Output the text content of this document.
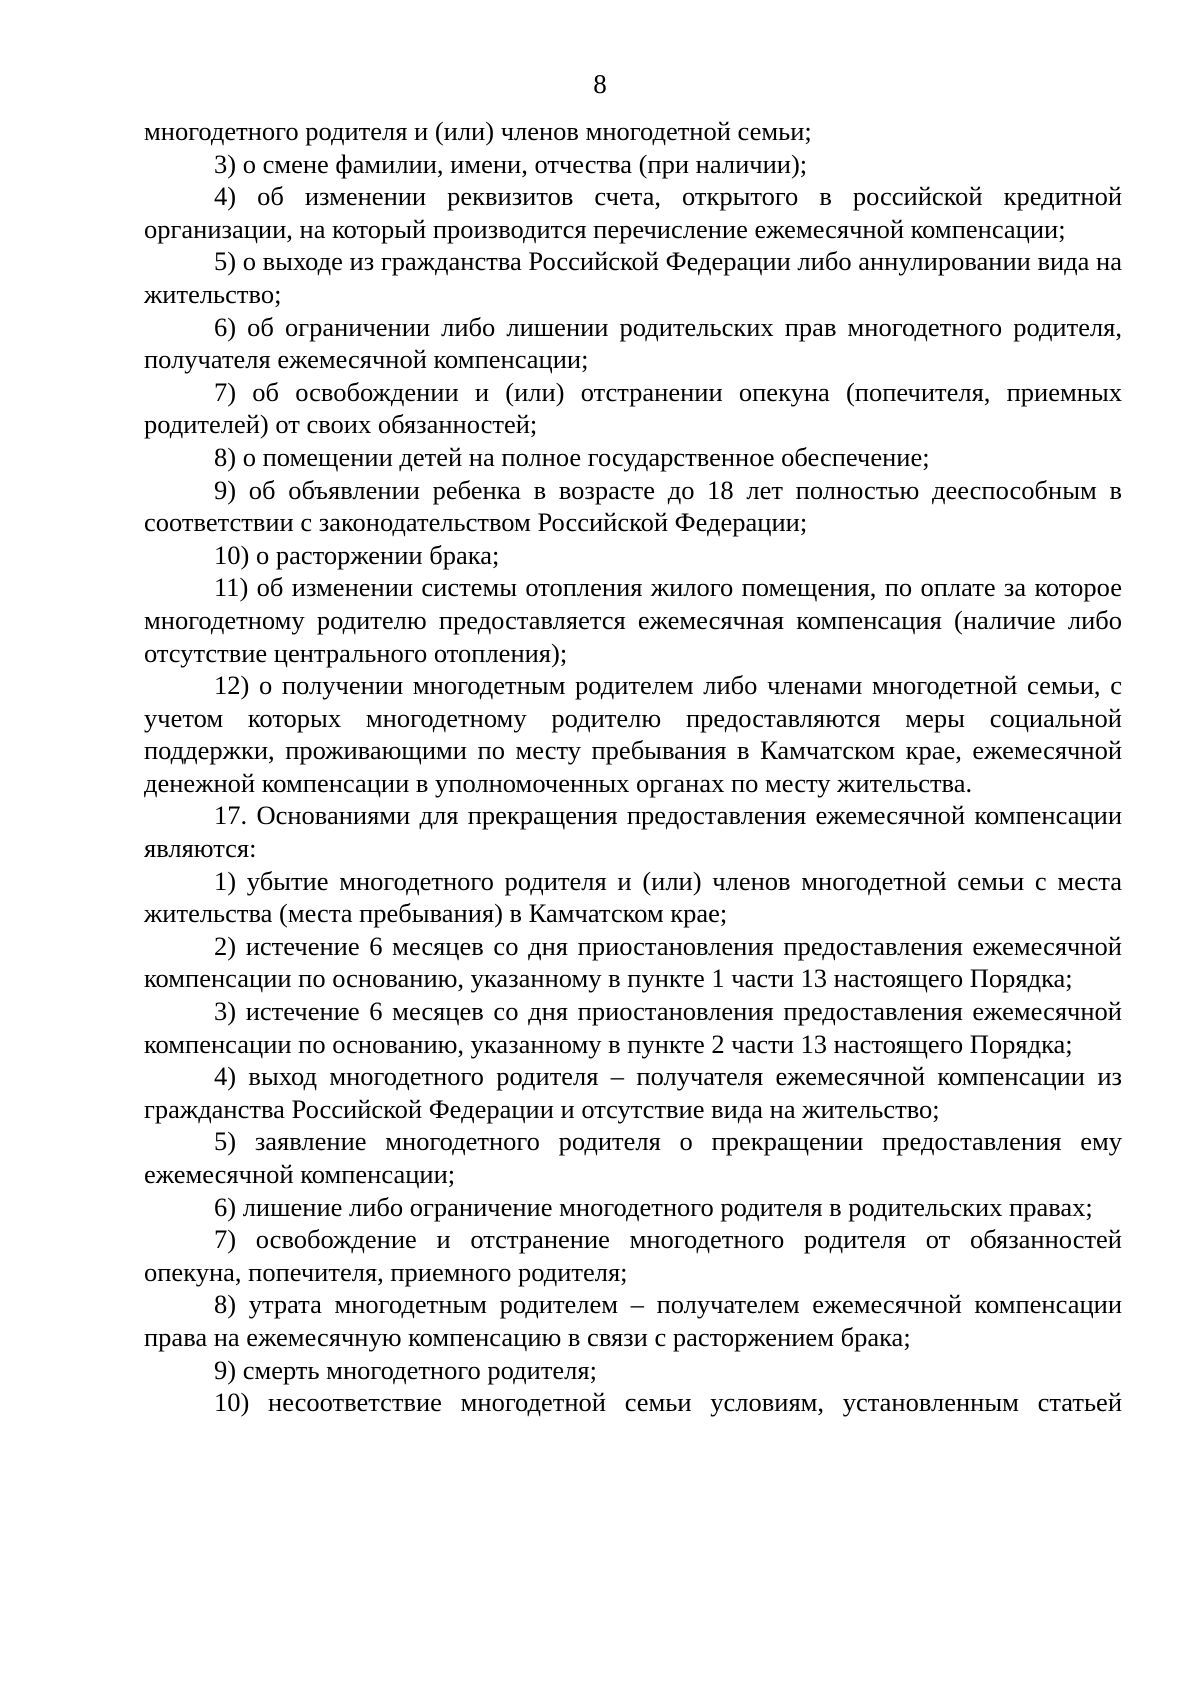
8

многодетного родителя и (или) членов многодетной семьи;

3) о смене фамилии, имени, отчества (при наличии);

4) об изменении реквизитов счета, открытого в российской кредитной организации, на который производится перечисление ежемесячной компенсации;

5) о выходе из гражданства Российской Федерации либо аннулировании вида на жительство;

6) об ограничении либо лишении родительских прав многодетного родителя, получателя ежемесячной компенсации;

7) об освобождении и (или) отстранении опекуна (попечителя, приемных родителей) от своих обязанностей;

8) о помещении детей на полное государственное обеспечение;

9) об объявлении ребенка в возрасте до 18 лет полностью дееспособным в соответствии с законодательством Российской Федерации;

10) о расторжении брака;

11) об изменении системы отопления жилого помещения, по оплате за которое многодетному родителю предоставляется ежемесячная компенсация (наличие либо отсутствие центрального отопления);

12) о получении многодетным родителем либо членами многодетной семьи, с учетом которых многодетному родителю предоставляются меры социальной поддержки, проживающими по месту пребывания в Камчатском крае, ежемесячной денежной компенсации в уполномоченных органах по месту жительства.

17. Основаниями для прекращения предоставления ежемесячной компенсации являются:

1) убытие многодетного родителя и (или) членов многодетной семьи с места жительства (места пребывания) в Камчатском крае;

2) истечение 6 месяцев со дня приостановления предоставления ежемесячной компенсации по основанию, указанному в пункте 1 части 13 настоящего Порядка;

3) истечение 6 месяцев со дня приостановления предоставления ежемесячной компенсации по основанию, указанному в пункте 2 части 13 настоящего Порядка;

4) выход многодетного родителя – получателя ежемесячной компенсации из гражданства Российской Федерации и отсутствие вида на жительство;

5) заявление многодетного родителя о прекращении предоставления ему ежемесячной компенсации;

6) лишение либо ограничение многодетного родителя в родительских правах;

7) освобождение и отстранение многодетного родителя от обязанностей опекуна, попечителя, приемного родителя;

8) утрата многодетным родителем – получателем ежемесячной компенсации права на ежемесячную компенсацию в связи с расторжением брака;

9) смерть многодетного родителя;

10) несоответствие многодетной семьи условиям, установленным статьей
